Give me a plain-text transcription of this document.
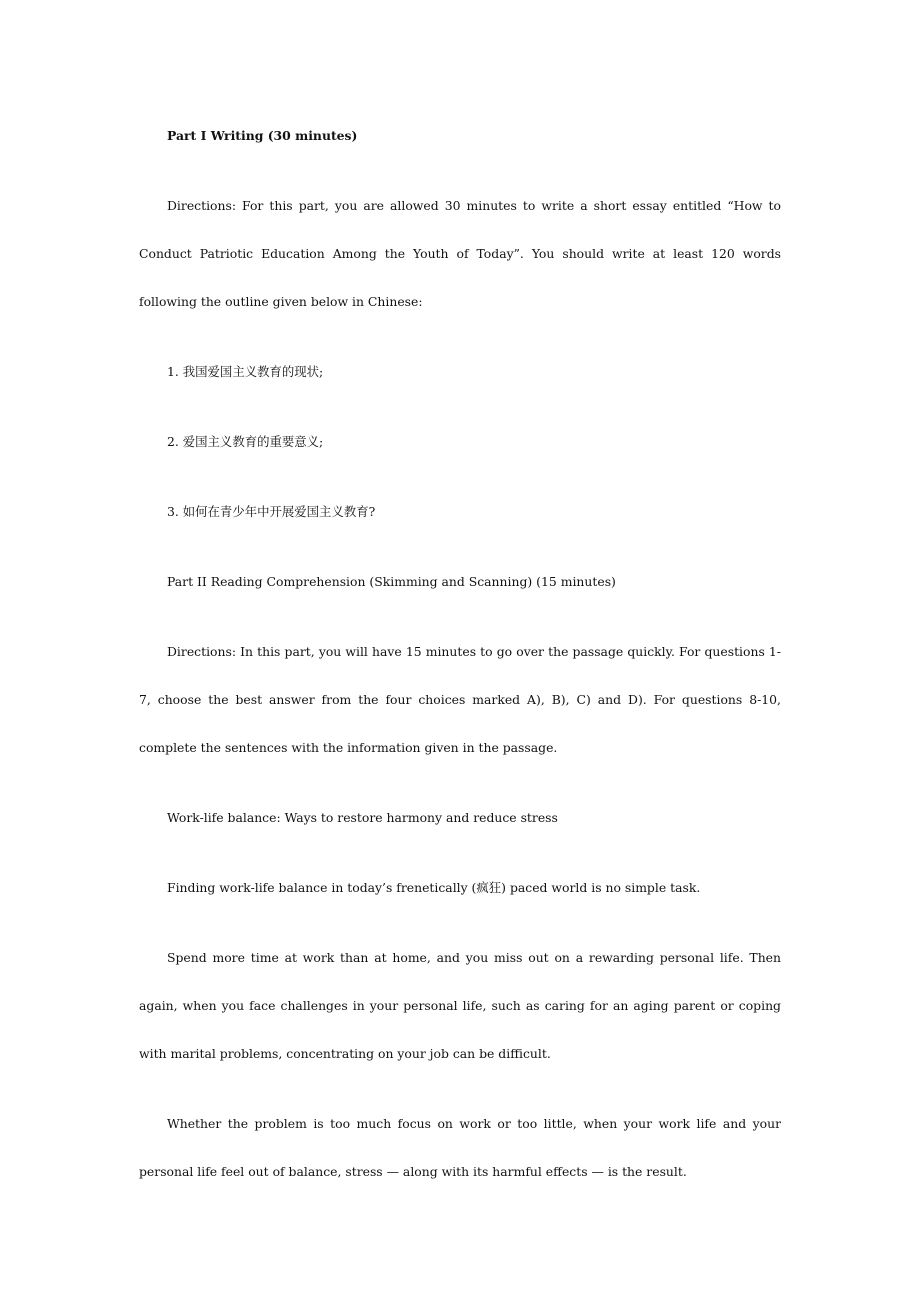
Part I Writing (30 minutes)

Directions: For this part, you are allowed 30 minutes to write a short essay entitled “How to Conduct Patriotic Education Among the Youth of Today”. You should write at least 120 words following the outline given below in Chinese:

1. 我国爱国主义教育的现状;

2. 爱国主义教育的重要意义;

3. 如何在青少年中开展爱国主义教育?

Part II Reading Comprehension (Skimming and Scanning) (15 minutes)

Directions: In this part, you will have 15 minutes to go over the passage quickly. For questions 1-7, choose the best answer from the four choices marked A), B), C) and D). For questions 8-10, complete the sentences with the information given in the passage.

Work-life balance: Ways to restore harmony and reduce stress

Finding work-life balance in today’s frenetically (疯狂) paced world is no simple task.

Spend more time at work than at home, and you miss out on a rewarding personal life. Then again, when you face challenges in your personal life, such as caring for an aging parent or coping with marital problems, concentrating on your job can be difficult.

Whether the problem is too much focus on work or too little, when your work life and your personal life feel out of balance, stress — along with its harmful effects — is the result.
